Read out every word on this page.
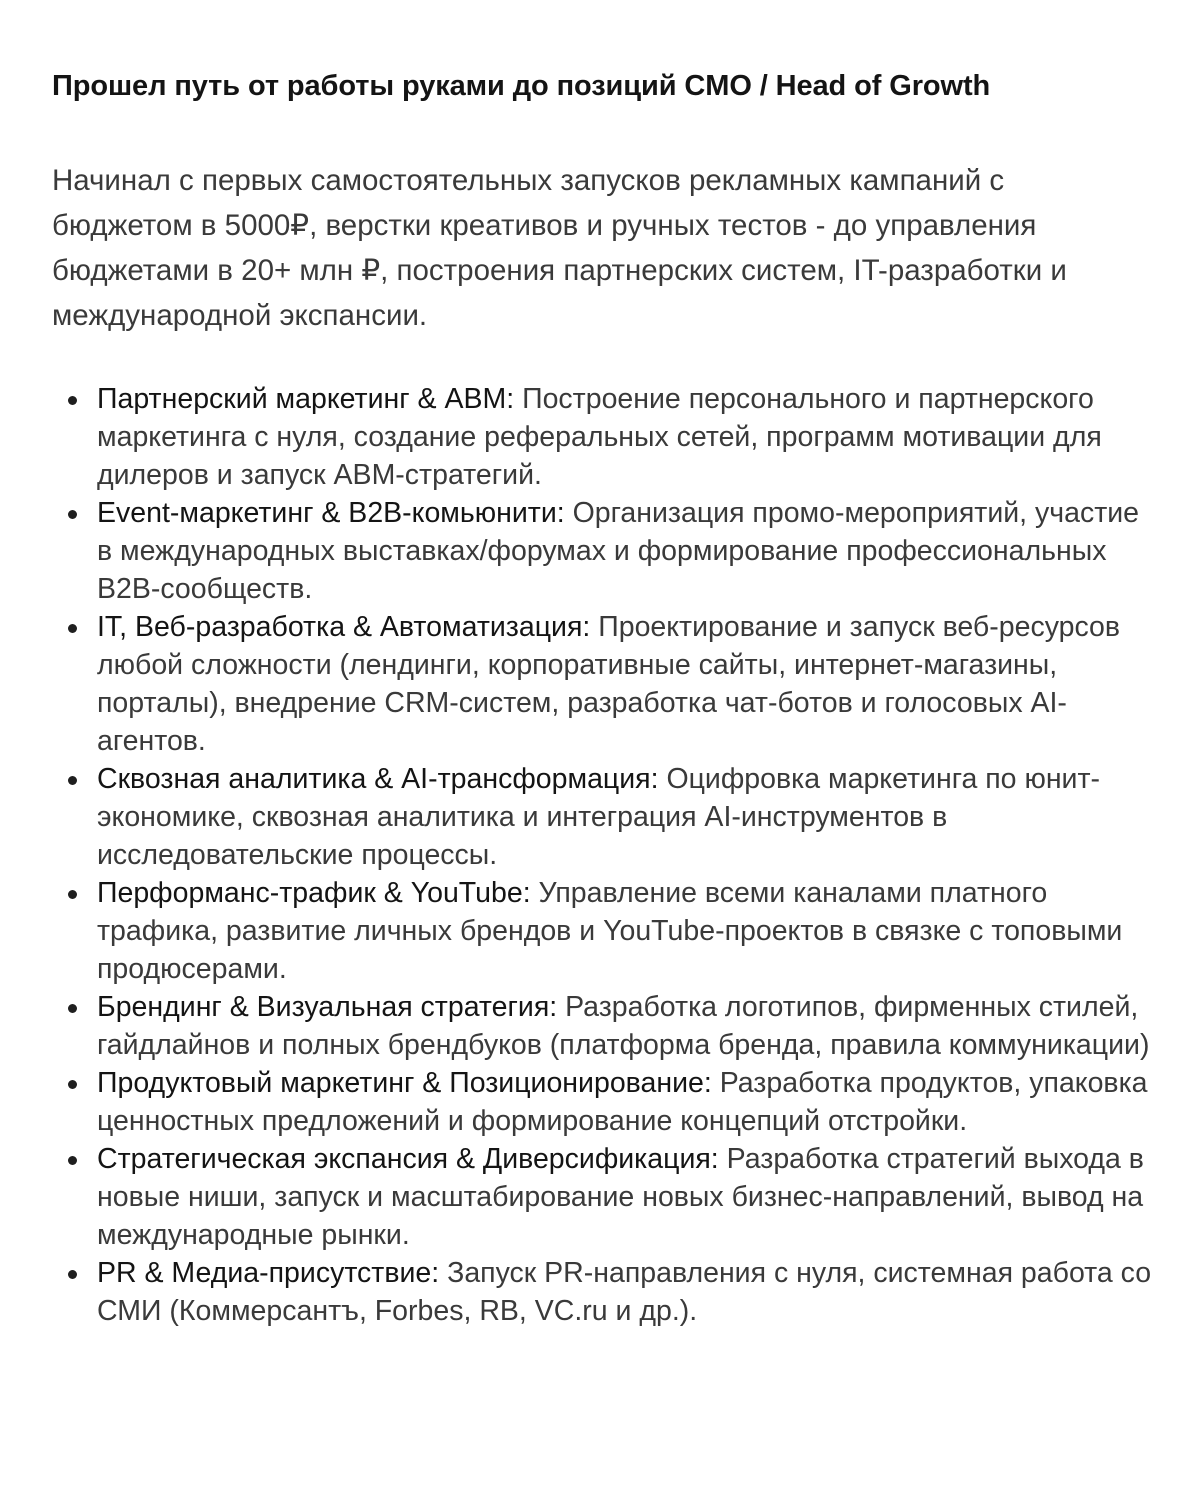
Прошел путь от работы руками до позиций CMO / Head of Growth

Начинал с первых самостоятельных запусков рекламных кампаний с бюджетом в 5000₽, верстки креативов и ручных тестов - до управления бюджетами в 20+ млн ₽, построения партнерских систем, IT-разработки и международной экспансии.

Партнерский маркетинг & ABM: Построение персонального и партнерского маркетинга с нуля, создание реферальных сетей, программ мотивации для дилеров и запуск ABM-стратегий.
Event-маркетинг & B2B-комьюнити: Организация промо-мероприятий, участие в международных выставках/форумах и формирование профессиональных B2B-сообществ.
IT, Веб-разработка & Автоматизация: Проектирование и запуск веб-ресурсов любой сложности (лендинги, корпоративные сайты, интернет-магазины, порталы), внедрение CRM-систем, разработка чат-ботов и голосовых AI-агентов.
Сквозная аналитика & AI-трансформация: Оцифровка маркетинга по юнит-экономике, сквозная аналитика и интеграция AI-инструментов в исследовательские процессы.
Перформанс-трафик & YouTube: Управление всеми каналами платного трафика, развитие личных брендов и YouTube-проектов в связке с топовыми продюсерами.
Брендинг & Визуальная стратегия: Разработка логотипов, фирменных стилей, гайдлайнов и полных брендбуков (платформа бренда, правила коммуникации)
Продуктовый маркетинг & Позиционирование: Разработка продуктов, упаковка ценностных предложений и формирование концепций отстройки.
Стратегическая экспансия & Диверсификация: Разработка стратегий выхода в новые ниши, запуск и масштабирование новых бизнес-направлений, вывод на международные рынки.
PR & Медиа-присутствие: Запуск PR-направления с нуля, системная работа со СМИ (Коммерсантъ, Forbes, RB, VC.ru и др.).
